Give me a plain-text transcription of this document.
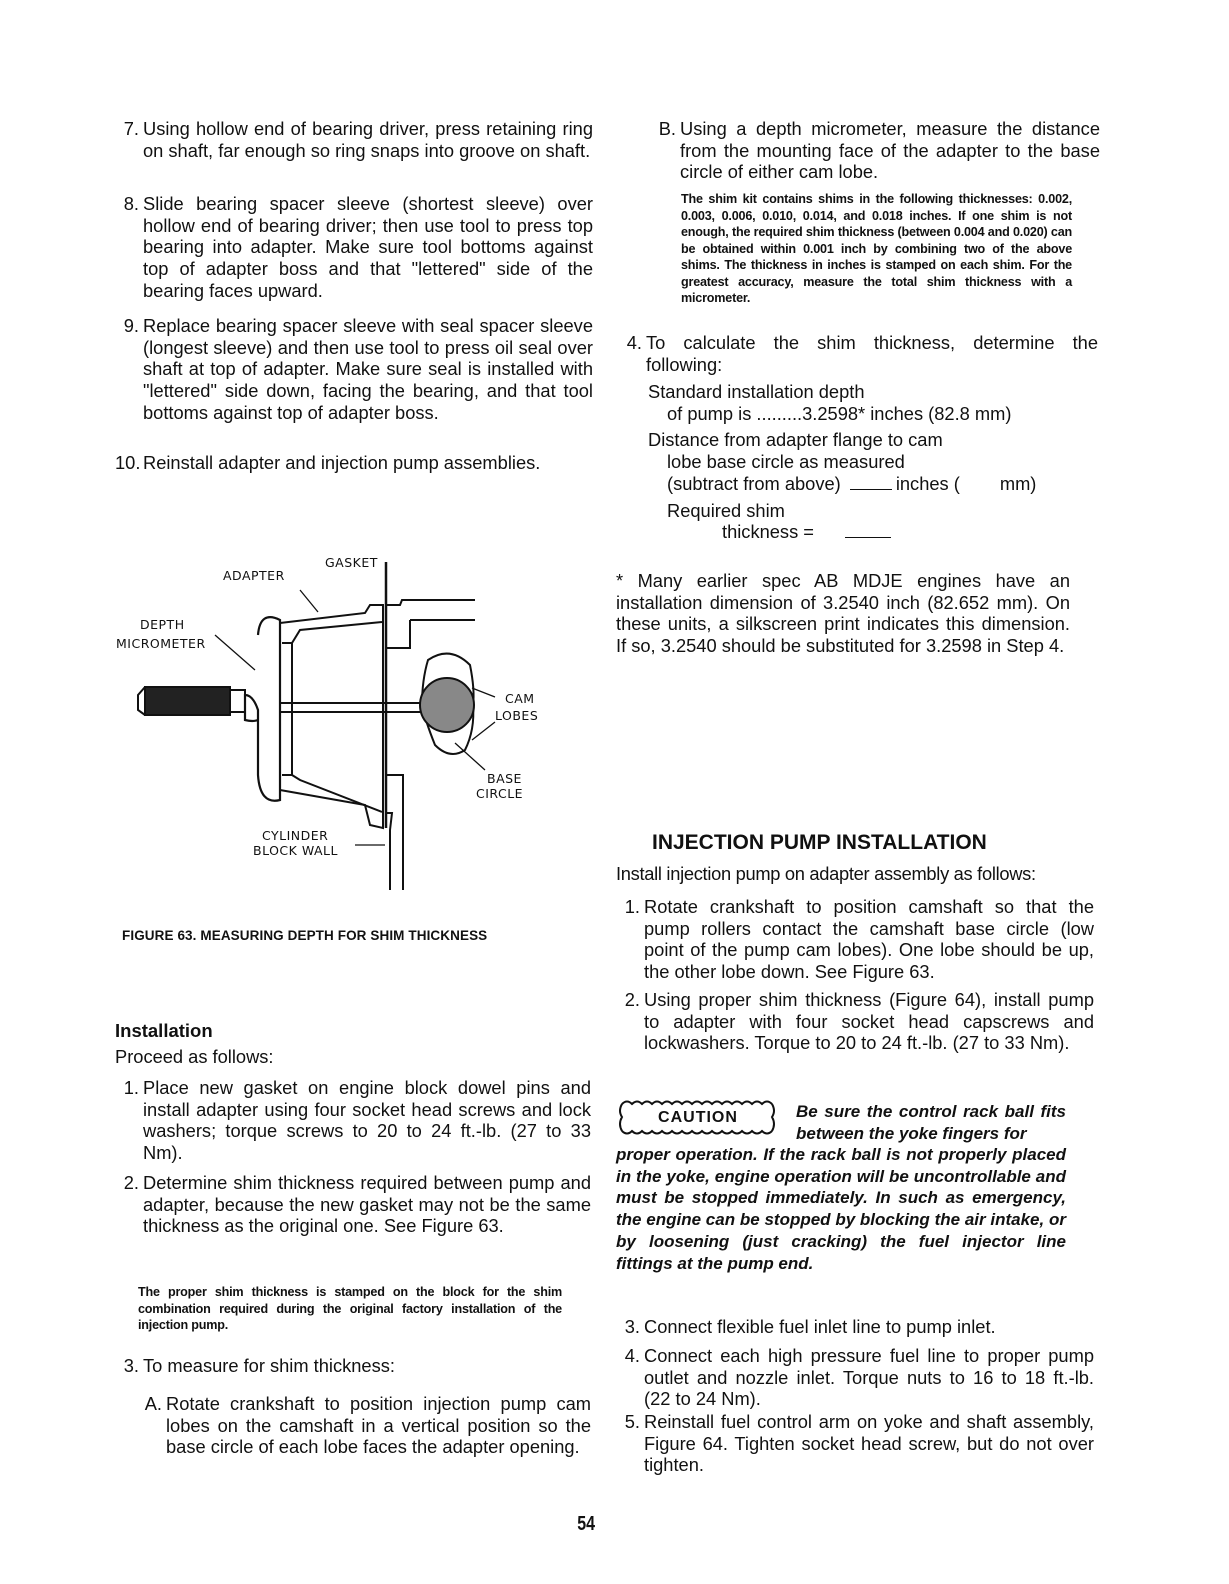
7. Using hollow end of bearing driver, press retaining ring on shaft, far enough so ring snaps into groove on shaft.
8. Slide bearing spacer sleeve (shortest sleeve) over hollow end of bearing driver; then use tool to press top bearing into adapter. Make sure tool bottoms against top of adapter boss and that "lettered" side of the bearing faces upward.
9. Replace bearing spacer sleeve with seal spacer sleeve (longest sleeve) and then use tool to press oil seal over shaft at top of adapter. Make sure seal is installed with "lettered" side down, facing the bearing, and that tool bottoms against top of adapter boss.
10. Reinstall adapter and injection pump assemblies.
ADAPTER
GASKET
DEPTH
MICROMETER
CAM
LOBES
BASE
CIRCLE
CYLINDER
BLOCK WALL
FIGURE 63. MEASURING DEPTH FOR SHIM THICKNESS
Installation
Proceed as follows:
1. Place new gasket on engine block dowel pins and install adapter using four socket head screws and lock washers; torque screws to 20 to 24 ft.-lb. (27 to 33 Nm).
2. Determine shim thickness required between pump and adapter, because the new gasket may not be the same thickness as the original one. See Figure 63.
The proper shim thickness is stamped on the block for the shim combination required during the original factory installation of the injection pump.
3. To measure for shim thickness:
A. Rotate crankshaft to position injection pump cam lobes on the camshaft in a vertical position so the base circle of each lobe faces the adapter opening.
B. Using a depth micrometer, measure the distance from the mounting face of the adapter to the base circle of either cam lobe.
The shim kit contains shims in the following thicknesses: 0.002, 0.003, 0.006, 0.010, 0.014, and 0.018 inches. If one shim is not enough, the required shim thickness (between 0.004 and 0.020) can be obtained within 0.001 inch by combining two of the above shims. The thickness in inches is stamped on each shim. For the greatest accuracy, measure the total shim thickness with a micrometer.
4. To calculate the shim thickness, determine the following:
Standard installation depth
of pump is .........3.2598* inches (82.8 mm)
Distance from adapter flange to cam
lobe base circle as measured
(subtract from above)	inches ( mm)
Required shim
thickness =
* Many earlier spec AB MDJE engines have an installation dimension of 3.2540 inch (82.652 mm). On these units, a silkscreen print indicates this dimension. If so, 3.2540 should be substituted for 3.2598 in Step 4.
INJECTION PUMP INSTALLATION
Install injection pump on adapter assembly as follows:
1. Rotate crankshaft to position camshaft so that the pump rollers contact the camshaft base circle (low point of the pump cam lobes). One lobe should be up, the other lobe down. See Figure 63.
2. Using proper shim thickness (Figure 64), install pump to adapter with four socket head capscrews and lockwashers. Torque to 20 to 24 ft.-lb. (27 to 33 Nm).
CAUTION	Be sure the control rack ball fits between the yoke fingers for
proper operation. If the rack ball is not properly placed in the yoke, engine operation will be uncontrollable and must be stopped immediately. In such as emergency, the engine can be stopped by blocking the air intake, or by loosening (just cracking) the fuel injector line fittings at the pump end.
3. Connect flexible fuel inlet line to pump inlet.
4. Connect each high pressure fuel line to proper pump outlet and nozzle inlet. Torque nuts to 16 to 18 ft.-lb. (22 to 24 Nm).
5. Reinstall fuel control arm on yoke and shaft assembly, Figure 64. Tighten socket head screw, but do not over tighten.
54
